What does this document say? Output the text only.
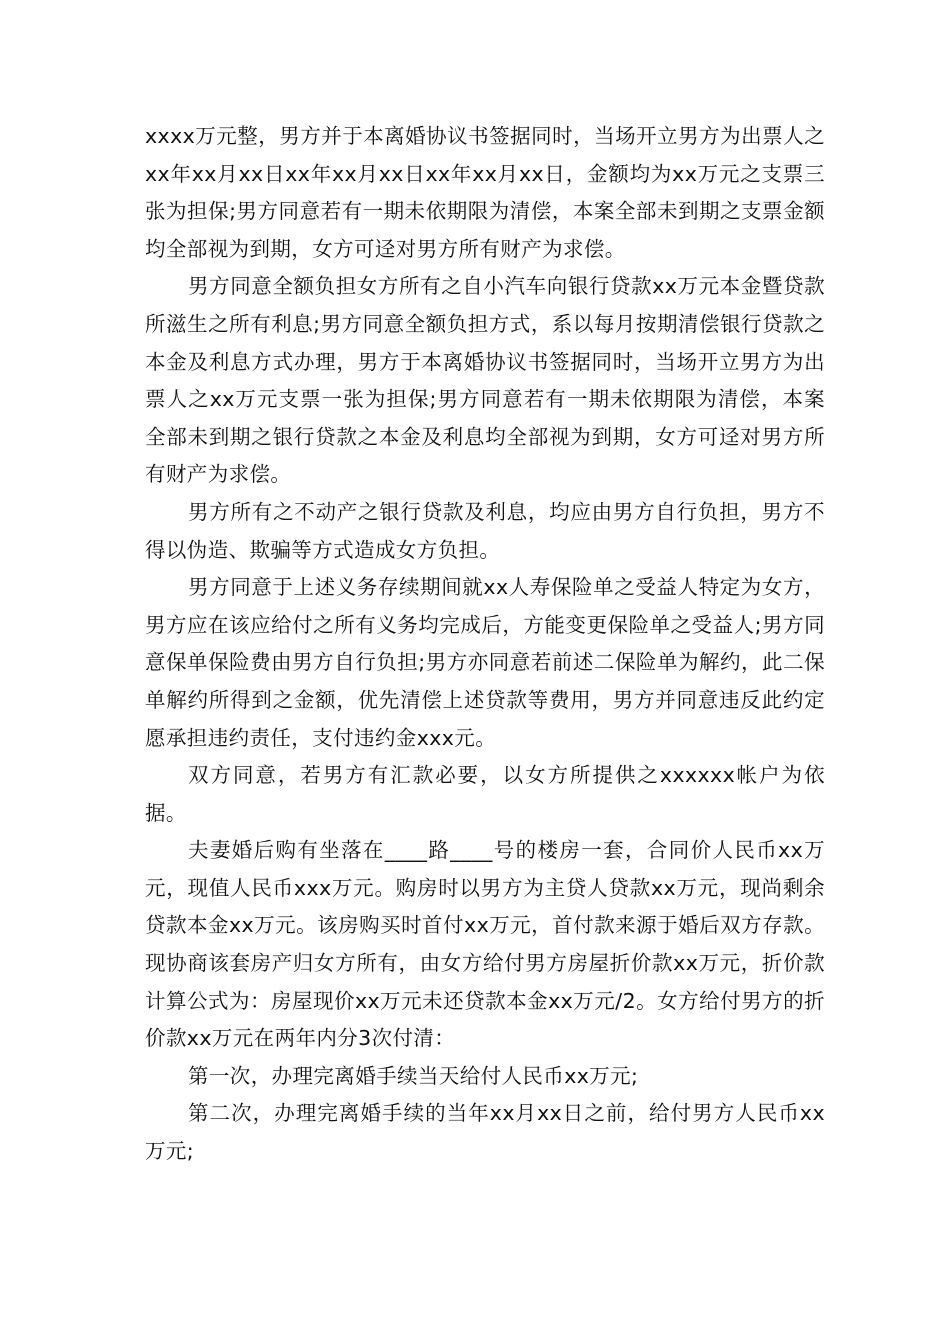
xxxx万元整，男方并于本离婚协议书签据同时，当场开立男方为出票人之xx年xx月xx日xx年xx月xx日xx年xx月xx日，金额均为xx万元之支票三张为担保;男方同意若有一期未依期限为清偿，本案全部未到期之支票金额均全部视为到期，女方可迳对男方所有财产为求偿。

男方同意全额负担女方所有之自小汽车向银行贷款xx万元本金暨贷款所滋生之所有利息;男方同意全额负担方式，系以每月按期清偿银行贷款之本金及利息方式办理，男方于本离婚协议书签据同时，当场开立男方为出票人之xx万元支票一张为担保;男方同意若有一期未依期限为清偿，本案全部未到期之银行贷款之本金及利息均全部视为到期，女方可迳对男方所有财产为求偿。

男方所有之不动产之银行贷款及利息，均应由男方自行负担，男方不得以伪造、欺骗等方式造成女方负担。

男方同意于上述义务存续期间就xx人寿保险单之受益人特定为女方，男方应在该应给付之所有义务均完成后，方能变更保险单之受益人;男方同意保单保险费由男方自行负担;男方亦同意若前述二保险单为解约，此二保单解约所得到之金额，优先清偿上述贷款等费用，男方并同意违反此约定愿承担违约责任，支付违约金xxx元。

双方同意，若男方有汇款必要，以女方所提供之xxxxxx帐户为依据。

夫妻婚后购有坐落在____路____号的楼房一套，合同价人民币xx万元，现值人民币xxx万元。购房时以男方为主贷人贷款xx万元，现尚剩余贷款本金xx万元。该房购买时首付xx万元，首付款来源于婚后双方存款。现协商该套房产归女方所有，由女方给付男方房屋折价款xx万元，折价款计算公式为：房屋现价xx万元未还贷款本金xx万元/2。女方给付男方的折价款xx万元在两年内分3次付清：

第一次，办理完离婚手续当天给付人民币xx万元;

第二次，办理完离婚手续的当年xx月xx日之前，给付男方人民币xx万元;
